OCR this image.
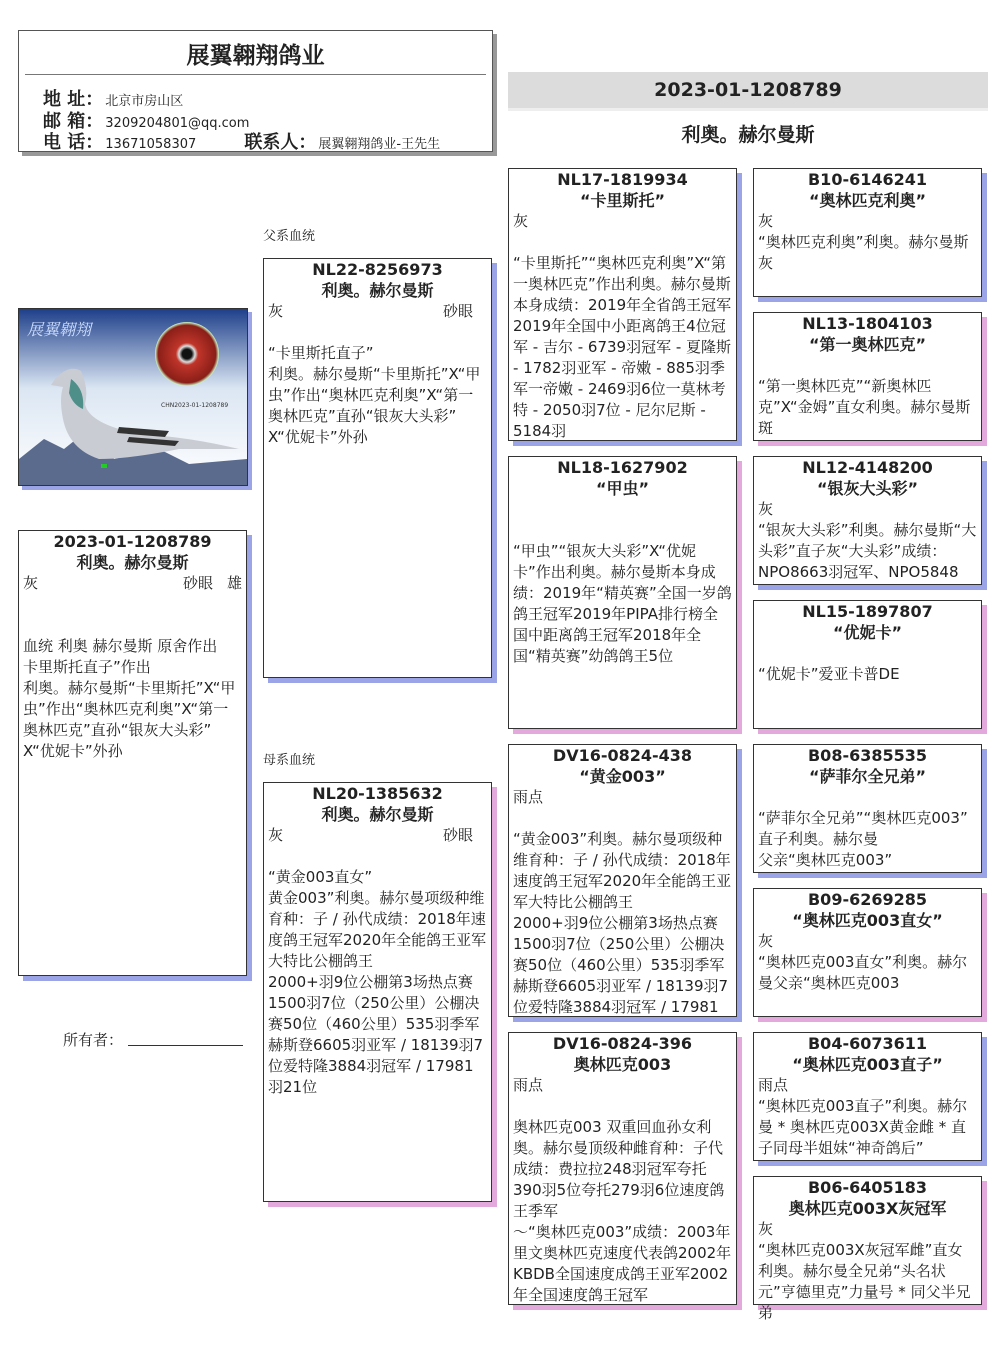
展翼翱翔鸽业
地 址： 北京市房山区
邮 箱： 3209204801@qq.com
电 话： 13671058307	联系人： 展翼翱翔鸽业-王先生
2023-01-1208789
利奥。赫尔曼斯
展翼翱翔
CHN2023-01-1208789
2023-01-1208789
利奥。赫尔曼斯
灰	砂眼 雄
血统 利奥 赫尔曼斯 原舍作出
卡里斯托直子”作出
利奥。赫尔曼斯“卡里斯托”X“甲虫”作出“奥林匹克利奥”X“第一奥林匹克”直孙“银灰大头彩”
X“优妮卡”外孙
父系血统
母系血统
NL22-8256973
利奥。赫尔曼斯
灰	砂眼
“卡里斯托直子”
利奥。赫尔曼斯“卡里斯托”X“甲虫”作出“奥林匹克利奥”X“第一奥林匹克”直孙“银灰大头彩”
X“优妮卡”外孙
NL20-1385632
利奥。赫尔曼斯
灰	砂眼
“黄金003直女”
黄金003”利奥。赫尔曼项级种维育种：子 / 孙代成绩：2018年速度鸽王冠军2020年全能鸽王亚军大特比公棚鸽王
2000+羽9位公棚第3场热点赛1500羽7位（250公里）公棚决赛50位（460公里）535羽季军赫斯登6605羽亚军 / 18139羽7位爱特隆3884羽冠军 / 17981羽21位
NL17-1819934
“卡里斯托”
灰
“卡里斯托”“奥林匹克利奥”X“第一奥林匹克”作出利奥。赫尔曼斯本身成绩：2019年全省鸽王冠军2019年全国中小距离鸽王4位冠军 - 吉尔 - 6739羽冠军 - 夏隆斯 - 1782羽亚军 - 帝嫩 - 885羽季军一帝嫩 - 2469羽6位一莫林考特 - 2050羽7位 - 尼尔尼斯 - 5184羽
NL18-1627902
“甲虫”
“甲虫”“银灰大头彩”X“优妮卡”作出利奥。赫尔曼斯本身成绩：2019年“精英赛”全国一岁鸽鸽王冠军2019年PIPA排行榜全国中距离鸽王冠军2018年全国“精英赛”幼鸽鸽王5位
DV16-0824-438
“黄金003”
雨点
“黄金003”利奥。赫尔曼项级种维育种：子 / 孙代成绩：2018年速度鸽王冠军2020年全能鸽王亚军大特比公棚鸽王
2000+羽9位公棚第3场热点赛1500羽7位（250公里）公棚决赛50位（460公里）535羽季军赫斯登6605羽亚军 / 18139羽7位爱特隆3884羽冠军 / 17981
DV16-0824-396
奥林匹克003
雨点
奥林匹克003 双重回血孙女利奥。赫尔曼顶级种雌育种：子代成绩：费拉拉248羽冠军夸托390羽5位夸托279羽6位速度鸽王季军
～“奥林匹克003”成绩：2003年里文奥林匹克速度代表鸽2002年KBDB全国速度成鸽王亚军2002年全国速度鸽王冠军
B10-6146241
“奥林匹克利奥”
灰
“奥林匹克利奥”利奥。赫尔曼斯
灰
NL13-1804103
“第一奥林匹克”
“第一奥林匹克”“新奥林匹克”X“金姆”直女利奥。赫尔曼斯斑
NL12-4148200
“银灰大头彩”
灰
“银灰大头彩”利奥。赫尔曼斯“大头彩”直子灰“大头彩”成绩：NPO8663羽冠军、NPO5848
NL15-1897807
“优妮卡”
“优妮卡”爱亚卡普DE
B08-6385535
“萨菲尔全兄弟”
“萨菲尔全兄弟”“奥林匹克003”
直子利奥。赫尔曼
父亲“奥林匹克003”
B09-6269285
“奥林匹克003直女”
灰
“奥林匹克003直女”利奥。赫尔曼父亲“奥林匹克003
B04-6073611
“奥林匹克003直子”
雨点
“奥林匹克003直子”利奥。赫尔曼 * 奥林匹克003X黄金雌 * 直子同母半姐妹“神奇鸽后”
B06-6405183
奥林匹克003X灰冠军
灰
“奥林匹克003X灰冠军雌”直女利奥。赫尔曼全兄弟“头名状元”亨德里克”力量号 * 同父半兄弟
所有者：
